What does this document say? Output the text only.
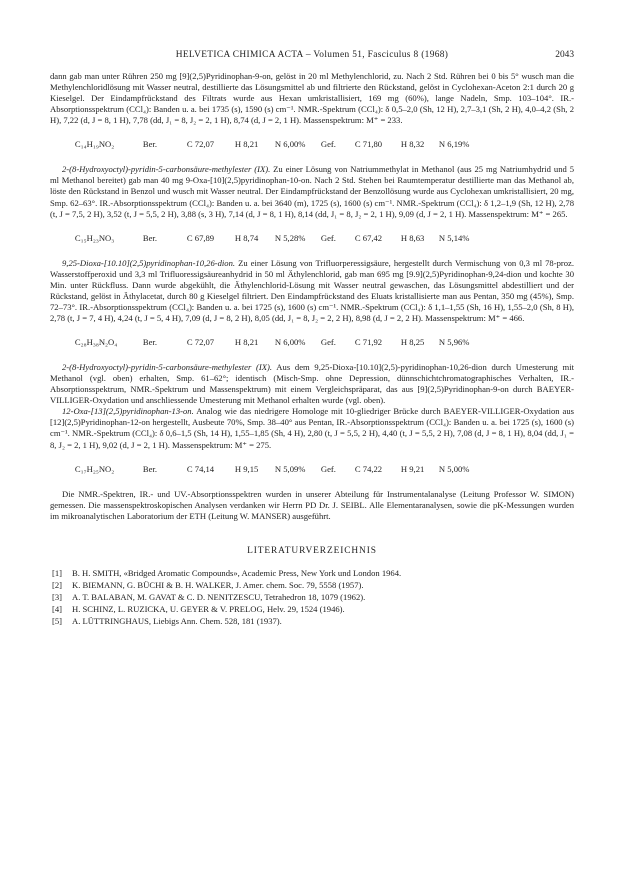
HELVETICA CHIMICA ACTA – Volumen 51, Fasciculus 8 (1968)	2043

dann gab man unter Rühren 250 mg [9](2,5)Pyridinophan-9-on, gelöst in 20 ml Methylenchlorid, zu. Nach 2 Std. Rühren bei 0 bis 5° wusch man die Methylenchloridlösung mit Wasser neutral, destillierte das Lösungsmittel ab und filtrierte den Rückstand, gelöst in Cyclohexan-Aceton 2:1 durch 20 g Kieselgel. Der Eindampfrückstand des Filtrats wurde aus Hexan umkristallisiert, 169 mg (60%), lange Nadeln, Smp. 103–104°. IR.-Absorptionsspektrum (CCl₄): Banden u. a. bei 1735 (s), 1590 (s) cm⁻¹. NMR.-Spektrum (CCl₄): δ 0,5–2,0 (Sh, 12 H), 2,7–3,1 (Sh, 2 H), 4,0–4,2 (Sh, 2 H), 7,22 (d, J = 8, 1 H), 7,78 (dd, J₁ = 8, J₂ = 2, 1 H), 8,74 (d, J = 2, 1 H). Massenspektrum: M⁺ = 233.

C₁₄H₁₉NO₂	Ber.	C 72,07 H 8,21 N 6,00% Gef. C 71,80 H 8,32 N 6,19%

2-(8-Hydroxyoctyl)-pyridin-5-carbonsäure-methylester (IX). Zu einer Lösung von Natriummethylat in Methanol (aus 25 mg Natriumhydrid und 5 ml Methanol bereitet) gab man 40 mg 9-Oxa-[10](2,5)pyridinophan-10-on. Nach 2 Std. Stehen bei Raumtemperatur destillierte man das Methanol ab, löste den Rückstand in Benzol und wusch mit Wasser neutral. Der Eindampfrückstand der Benzollösung wurde aus Cyclohexan umkristallisiert, 20 mg, Smp. 62–63°. IR.-Absorptionsspektrum (CCl₄): Banden u. a. bei 3640 (m), 1725 (s), 1600 (s) cm⁻¹. NMR.-Spektrum (CCl₄): δ 1,2–1,9 (Sh, 12 H), 2,78 (t, J = 7,5, 2 H), 3,52 (t, J = 5,5, 2 H), 3,88 (s, 3 H), 7,14 (d, J = 8, 1 H), 8,14 (dd, J₁ = 8, J₂ = 2, 1 H), 9,09 (d, J = 2, 1 H). Massenspektrum: M⁺ = 265.

C₁₅H₂₃NO₃	Ber.	C 67,89 H 8,74 N 5,28% Gef. C 67,42 H 8,63 N 5,14%

9,25-Dioxa-[10.10](2,5)pyridinophan-10,26-dion. Zu einer Lösung von Trifluorperessigsäure, hergestellt durch Vermischung von 0,3 ml 78-proz. Wasserstoffperoxid und 3,3 ml Trifluoressigsäureanhydrid in 50 ml Äthylenchlorid, gab man 695 mg [9.9](2,5)Pyridinophan-9,24-dion und kochte 30 Min. unter Rückfluss. Dann wurde abgekühlt, die Äthylenchlorid-Lösung mit Wasser neutral gewaschen, das Lösungsmittel abdestilliert und der Rückstand, gelöst in Äthylacetat, durch 80 g Kieselgel filtriert. Den Eindampfrückstand des Eluats kristallisierte man aus Pentan, 350 mg (45%), Smp. 72–73°. IR.-Absorptionsspektrum (CCl₄): Banden u. a. bei 1725 (s), 1600 (s) cm⁻¹. NMR.-Spektrum (CCl₄): δ 1,1–1,55 (Sh, 16 H), 1,55–2,0 (Sh, 8 H), 2,78 (t, J = 7, 4 H), 4,24 (t, J = 5, 4 H), 7,09 (d, J = 8, 2 H), 8,05 (dd, J₁ = 8, J₂ = 2, 2 H), 8,98 (d, J = 2, 2 H). Massenspektrum: M⁺ = 466.

C₂₈H₃₈N₂O₄	Ber.	C 72,07 H 8,21 N 6,00% Gef. C 71,92 H 8,25 N 5,96%

2-(8-Hydroxyoctyl)-pyridin-5-carbonsäure-methylester (IX). Aus dem 9,25-Dioxa-[10.10](2,5)-pyridinophan-10,26-dion durch Umesterung mit Methanol (vgl. oben) erhalten, Smp. 61–62°; identisch (Misch-Smp. ohne Depression, dünnschichtchromatographisches Verhalten, IR.-Absorptionsspektrum, NMR.-Spektrum und Massenspektrum) mit einem Vergleichspräparat, das aus [9](2,5)Pyridinophan-9-on durch BAEYER-VILLIGER-Oxydation und anschliessende Umesterung mit Methanol erhalten wurde (vgl. oben).

12-Oxa-[13](2,5)pyridinophan-13-on. Analog wie das niedrigere Homologe mit 10-gliedriger Brücke durch BAEYER-VILLIGER-Oxydation aus [12](2,5)Pyridinophan-12-on hergestellt, Ausbeute 70%, Smp. 38–40° aus Pentan, IR.-Absorptionsspektrum (CCl₄): Banden u. a. bei 1725 (s), 1600 (s) cm⁻¹. NMR.-Spektrum (CCl₄): δ 0,6–1,5 (Sh, 14 H), 1,55–1,85 (Sh, 4 H), 2,80 (t, J = 5,5, 2 H), 4,40 (t, J = 5,5, 2 H), 7,08 (d, J = 8, 1 H), 8,04 (dd, J₁ = 8, J₂ = 2, 1 H), 9,02 (d, J = 2, 1 H). Massenspektrum: M⁺ = 275.

C₁₇H₂₅NO₂	Ber.	C 74,14 H 9,15 N 5,09% Gef. C 74,22 H 9,21 N 5,00%

Die NMR.-Spektren, IR.- und UV.-Absorptionsspektren wurden in unserer Abteilung für Instrumentalanalyse (Leitung Professor W. SIMON) gemessen. Die massenspektroskopischen Analysen verdanken wir Herrn PD Dr. J. SEIBL. Alle Elementaranalysen, sowie die pK-Messungen wurden im mikroanalytischen Laboratorium der ETH (Leitung W. MANSER) ausgeführt.

LITERATURVERZEICHNIS
[1] B. H. SMITH, «Bridged Aromatic Compounds», Academic Press, New York und London 1964.
[2] K. BIEMANN, G. BÜCHI & B. H. WALKER, J. Amer. chem. Soc. 79, 5558 (1957).
[3] A. T. BALABAN, M. GAVAT & C. D. NENITZESCU, Tetrahedron 18, 1079 (1962).
[4] H. SCHINZ, L. RUZICKA, U. GEYER & V. PRELOG, Helv. 29, 1524 (1946).
[5] A. LÜTTRINGHAUS, Liebigs Ann. Chem. 528, 181 (1937).
